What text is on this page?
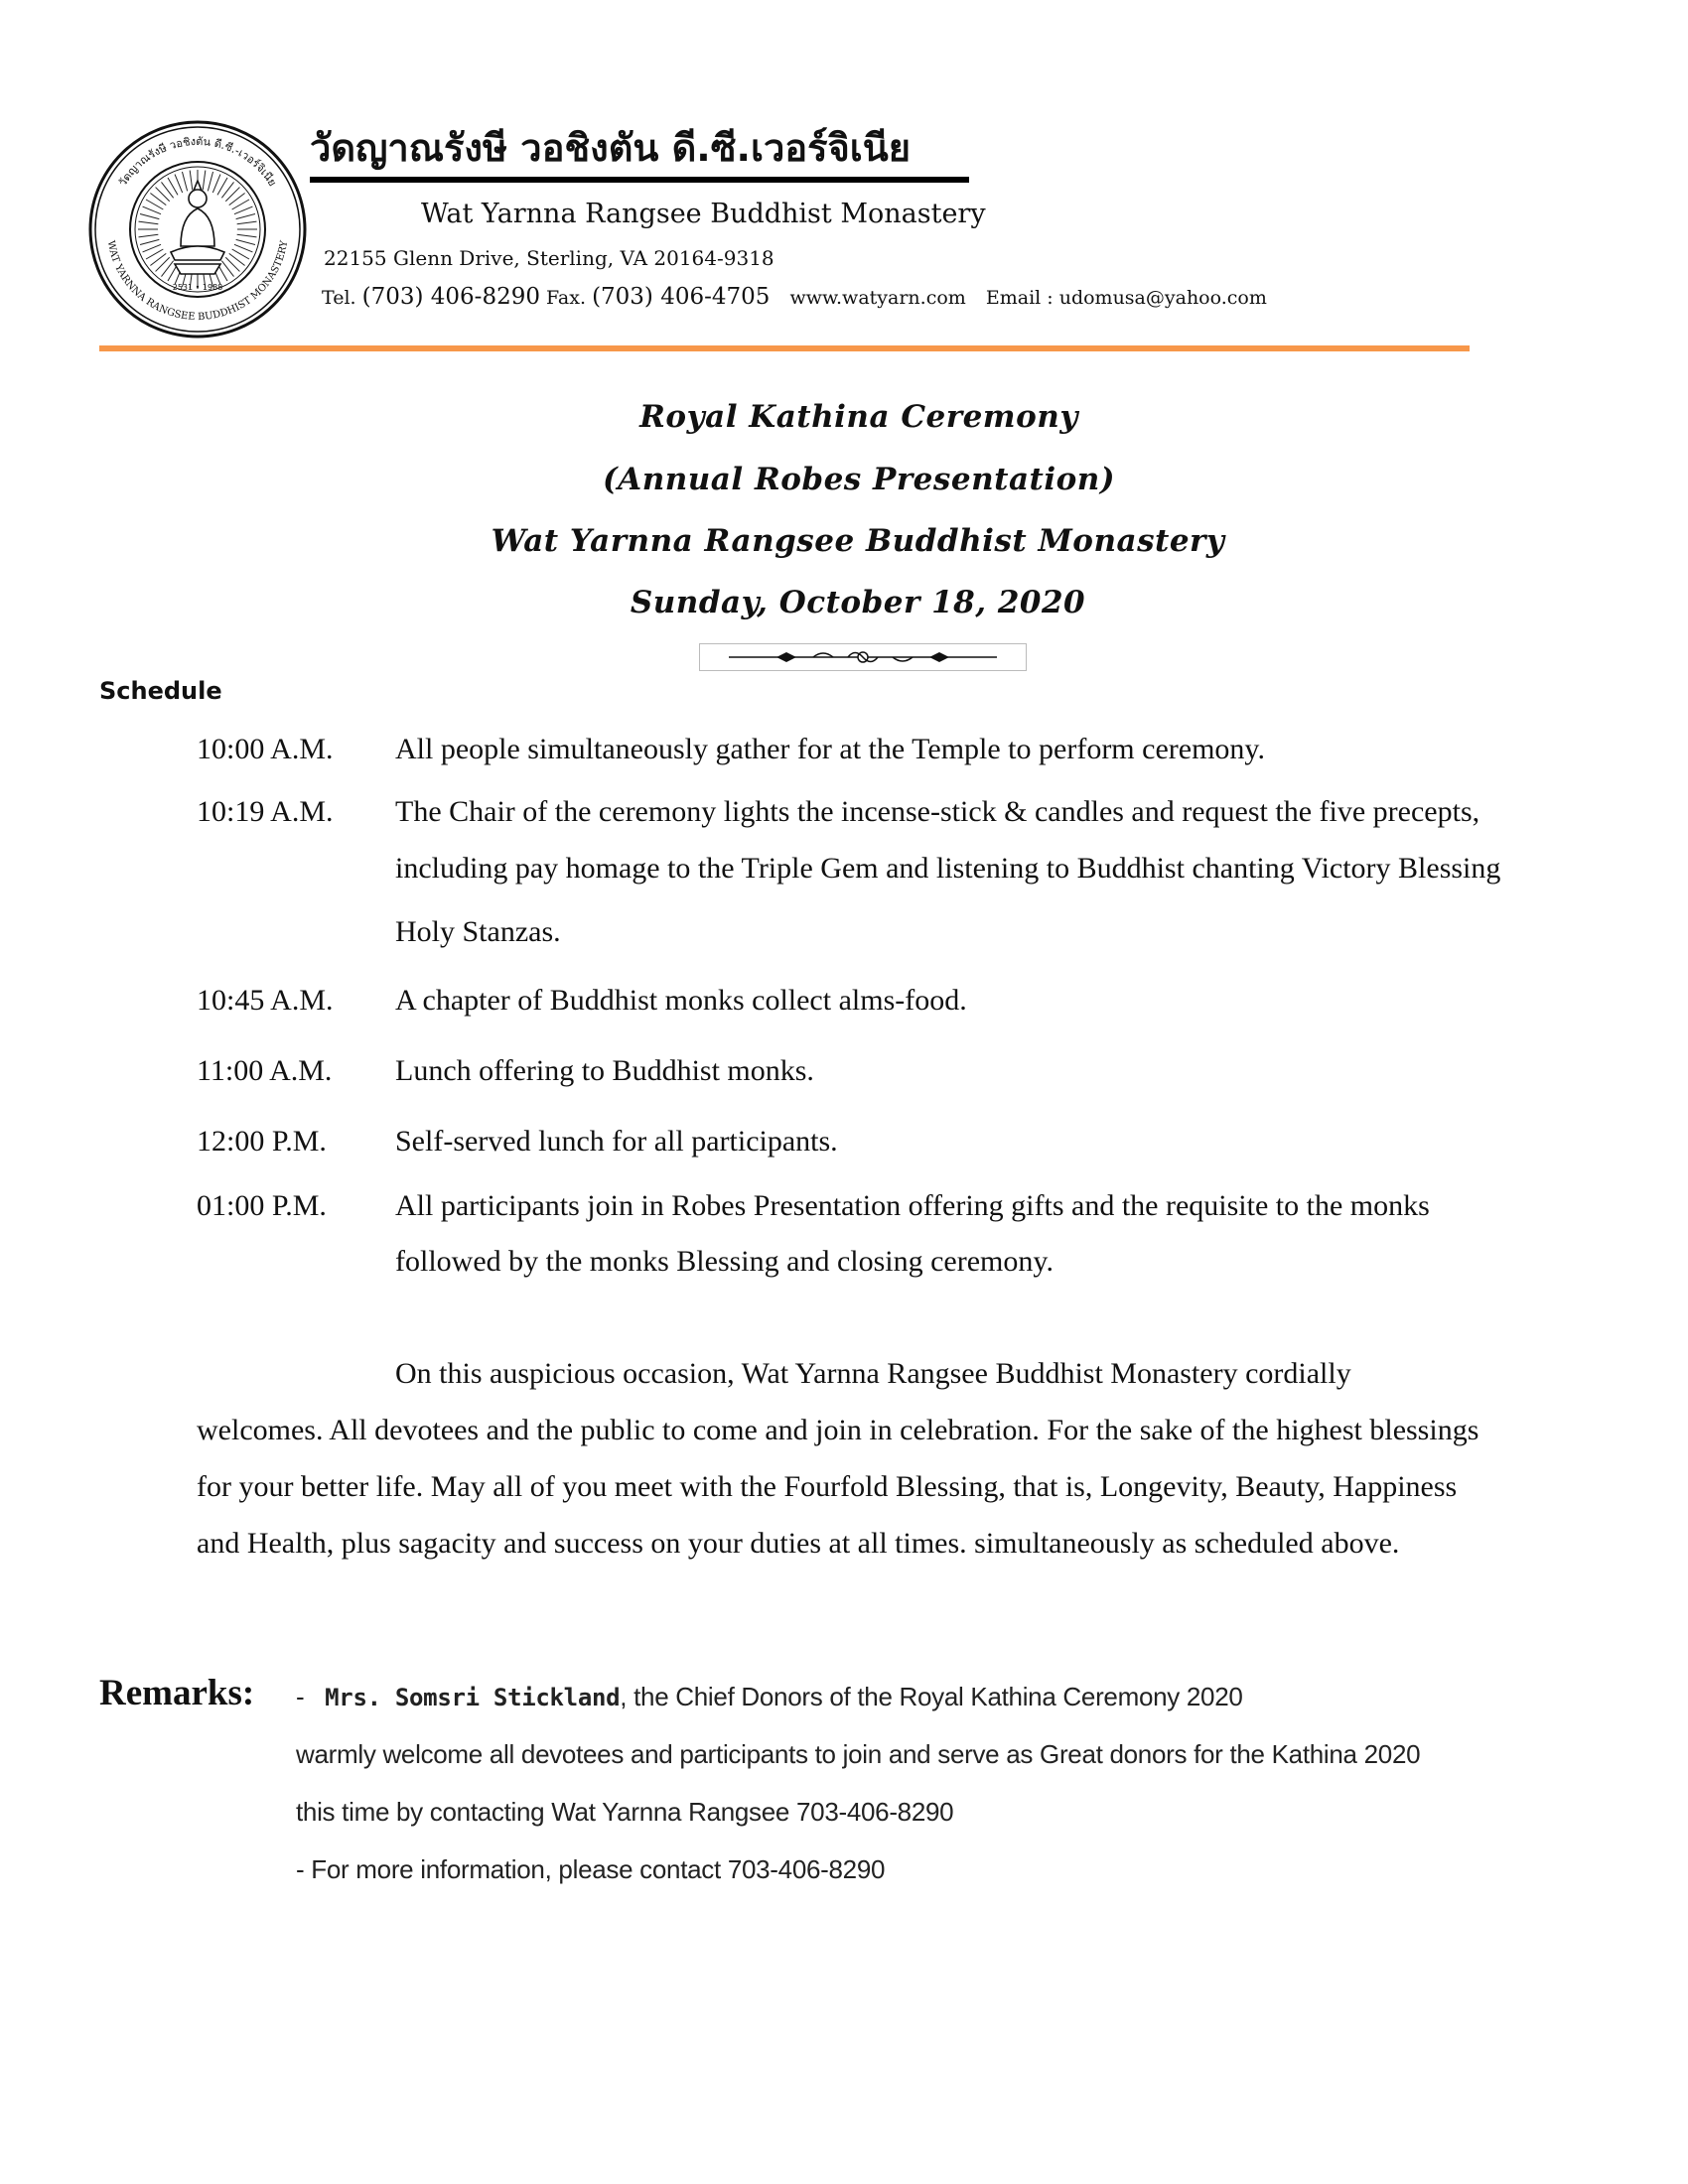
วัดญาณรังษี วอชิงตัน ดี.ซี.-เวอร์จิเนีย
WAT YARNNA RANGSEE BUDDHIST MONASTERY
2531 • 1988
วัดญาณรังษี วอชิงตัน ดี.ซี.เวอร์จิเนีย
Wat Yarnna Rangsee Buddhist Monastery
22155 Glenn Drive, Sterling, VA 20164-9318
Tel. (703) 406-8290 Fax. (703) 406-4705 www.watyarn.com Email : udomusa@yahoo.com
Royal Kathina Ceremony
(Annual Robes Presentation)
Wat Yarnna Rangsee Buddhist Monastery
Sunday, October 18, 2020
Schedule
10:00 A.M. All people simultaneously gather for at the Temple to perform ceremony.
10:19 A.M. The Chair of the ceremony lights the incense-stick & candles and request the five precepts,
including pay homage to the Triple Gem and listening to Buddhist chanting Victory Blessing
Holy Stanzas.
10:45 A.M. A chapter of Buddhist monks collect alms-food.
11:00 A.M. Lunch offering to Buddhist monks.
12:00 P.M. Self-served lunch for all participants.
01:00 P.M. All participants join in Robes Presentation offering gifts and the requisite to the monks
followed by the monks Blessing and closing ceremony.
On this auspicious occasion, Wat Yarnna Rangsee Buddhist Monastery cordially
welcomes. All devotees and the public to come and join in celebration. For the sake of the highest blessings
for your better life. May all of you meet with the Fourfold Blessing, that is, Longevity, Beauty, Happiness
and Health, plus sagacity and success on your duties at all times. simultaneously as scheduled above.
Remarks: - Mrs. Somsri Stickland, the Chief Donors of the Royal Kathina Ceremony 2020
warmly welcome all devotees and participants to join and serve as Great donors for the Kathina 2020
this time by contacting Wat Yarnna Rangsee 703-406-8290
- For more information, please contact 703-406-8290
